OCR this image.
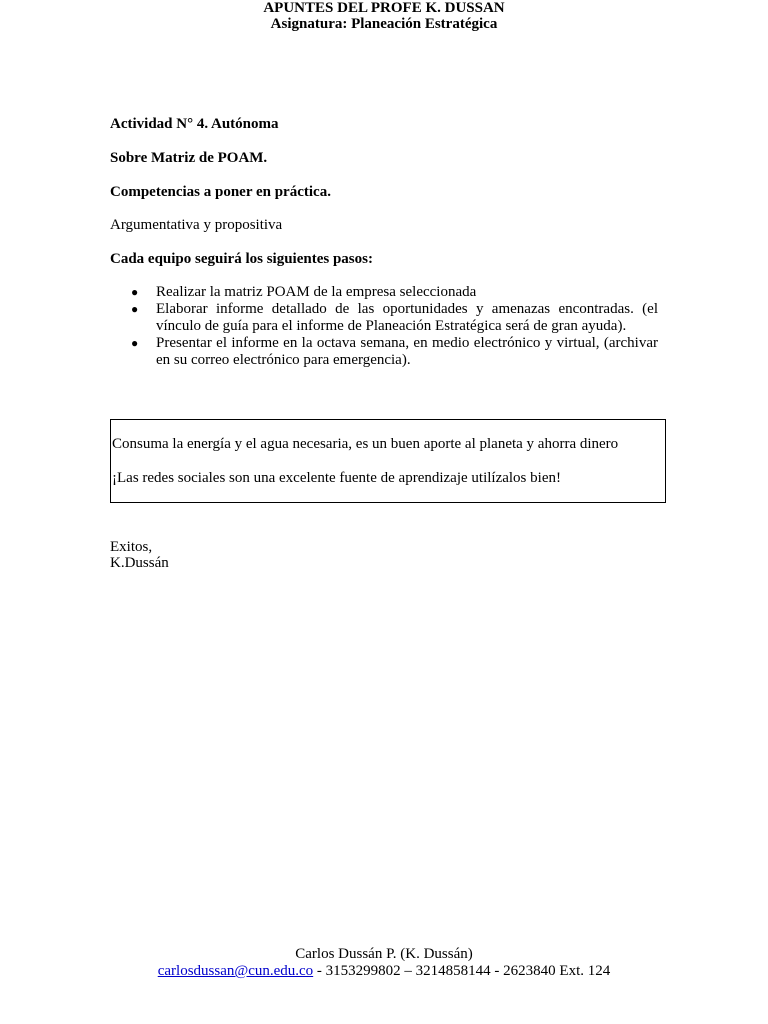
APUNTES DEL PROFE K. DUSSAN
Asignatura: Planeación Estratégica

Actividad N° 4. Autónoma

Sobre Matriz de POAM.

Competencias a poner en práctica.

Argumentativa y propositiva

Cada equipo seguirá los siguientes pasos:

● Realizar la matriz POAM de la empresa seleccionada
● Elaborar informe detallado de las oportunidades y amenazas encontradas. (el vínculo de guía para el informe de Planeación Estratégica será de gran ayuda).
● Presentar el informe en la octava semana, en medio electrónico y virtual, (archivar en su correo electrónico para emergencia).
Consuma la energía y el agua necesaria, es un buen aporte al planeta y ahorra dinero
¡Las redes sociales son una excelente fuente de aprendizaje utilízalos bien!
Exitos,
K.Dussán
Carlos Dussán P. (K. Dussán)
carlosdussan@cun.edu.co - 3153299802 – 3214858144 - 2623840 Ext. 124
